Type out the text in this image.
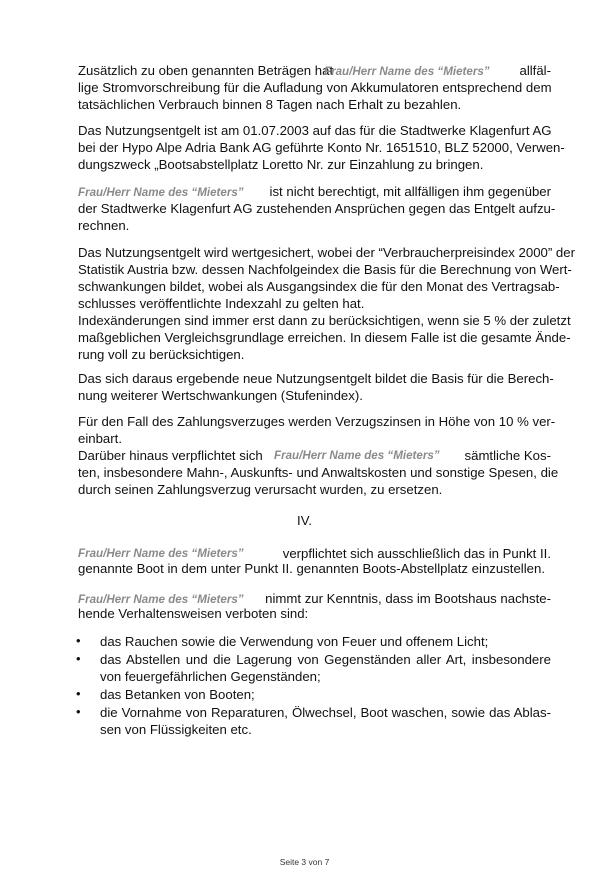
Zusätzlich zu oben genannten Beträgen hat
Frau/Herr Name des “Mieters” allfäl-
lige Stromvorschreibung für die Aufladung von Akkumulatoren entsprechend dem
tatsächlichen Verbrauch binnen 8 Tagen nach Erhalt zu bezahlen.
Das Nutzungsentgelt ist am 01.07.2003 auf das für die Stadtwerke Klagenfurt AG
bei der Hypo Alpe Adria Bank AG geführte Konto Nr. 1651510, BLZ 52000, Verwen-
dungszweck „Bootsabstellplatz Loretto Nr. zur Einzahlung zu bringen.
Frau/Herr Name des “Mieters” ist nicht berechtigt, mit allfälligen ihm gegenüber
der Stadtwerke Klagenfurt AG zustehenden Ansprüchen gegen das Entgelt aufzu-
rechnen.
Das Nutzungsentgelt wird wertgesichert, wobei der “Verbraucherpreisindex 2000” der
Statistik Austria bzw. dessen Nachfolgeindex die Basis für die Berechnung von Wert-
schwankungen bildet, wobei als Ausgangsindex die für den Monat des Vertragsab-
schlusses veröffentlichte Indexzahl zu gelten hat.
Indexänderungen sind immer erst dann zu berücksichtigen, wenn sie 5 % der zuletzt
maßgeblichen Vergleichsgrundlage erreichen. In diesem Falle ist die gesamte Ände-
rung voll zu berücksichtigen.
Das sich daraus ergebende neue Nutzungsentgelt bildet die Basis für die Berech-
nung weiterer Wertschwankungen (Stufenindex).
Für den Fall des Zahlungsverzuges werden Verzugszinsen in Höhe von 10 % ver-
einbart.
Darüber hinaus verpflichtet sich Frau/Herr Name des “Mieters” sämtliche Kos-
ten, insbesondere Mahn-, Auskunfts- und Anwaltskosten und sonstige Spesen, die
durch seinen Zahlungsverzug verursacht wurden, zu ersetzen.
IV.
Frau/Herr Name des “Mieters”	verpflichtet sich ausschließlich das in Punkt II.
genannte Boot in dem unter Punkt II. genannten Boots-Abstellplatz einzustellen.
Frau/Herr Name des “Mieters” nimmt zur Kenntnis, dass im Bootshaus nachste-
hende Verhaltensweisen verboten sind:
• das Rauchen sowie die Verwendung von Feuer und offenem Licht;
• das Abstellen und die Lagerung von Gegenständen aller Art, insbesondere
von feuergefährlichen Gegenständen;
• das Betanken von Booten;
• die Vornahme von Reparaturen, Ölwechsel, Boot waschen, sowie das Ablas-
sen von Flüssigkeiten etc.
Seite 3 von 7
